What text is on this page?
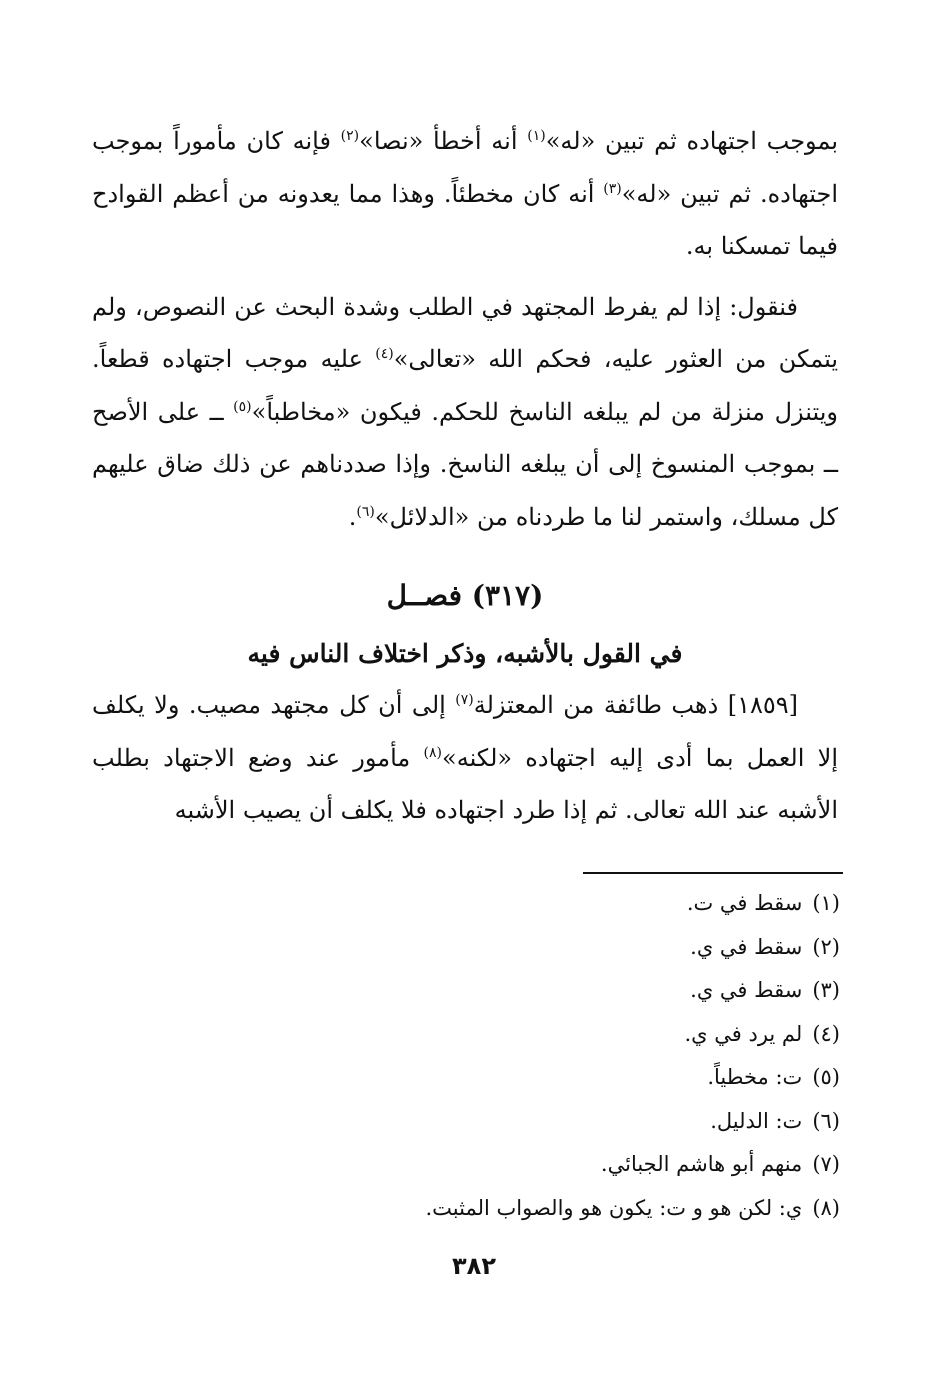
بموجب اجتهاده ثم تبين «له»$^{(١)}$ أنه أخطأ «نصا»$^{(٢)}$ فإنه كان مأموراً بموجب اجتهاده. ثم تبين «له»$^{(٣)}$ أنه كان مخطئاً. وهذا مما يعدونه من أعظم القوادح فيما تمسكنا به.

فنقول: إذا لم يفرط المجتهد في الطلب وشدة البحث عن النصوص، ولم يتمكن من العثور عليه، فحكم الله «تعالى»$^{(٤)}$ عليه موجب اجتهاده قطعاً. ويتنزل منزلة من لم يبلغه الناسخ للحكم. فيكون «مخاطباً»$^{(٥)}$ ــ على الأصح ــ بموجب المنسوخ إلى أن يبلغه الناسخ. وإذا صددناهم عن ذلك ضاق عليهم كل مسلك، واستمر لنا ما طردناه من «الدلائل»$^{(٦)}$.

(٣١٧) فصــل

في القول بالأشبه، وذكر اختلاف الناس فيه

[١٨٥٩] ذهب طائفة من المعتزلة$^{(٧)}$ إلى أن كل مجتهد مصيب. ولا يكلف إلا العمل بما أدى إليه اجتهاده «لكنه»$^{(٨)}$ مأمور عند وضع الاجتهاد بطلب الأشبه عند الله تعالى. ثم إذا طرد اجتهاده فلا يكلف أن يصيب الأشبه

(١)سقط في ت.
(٢)سقط في ي.
(٣)سقط في ي.
(٤)لم يرد في ي.
(٥)ت: مخطياً.
(٦)ت: الدليل.
(٧)منهم أبو هاشم الجبائي.
(٨)ي: لكن هو و ت: يكون هو والصواب المثبت.
٣٨٢
